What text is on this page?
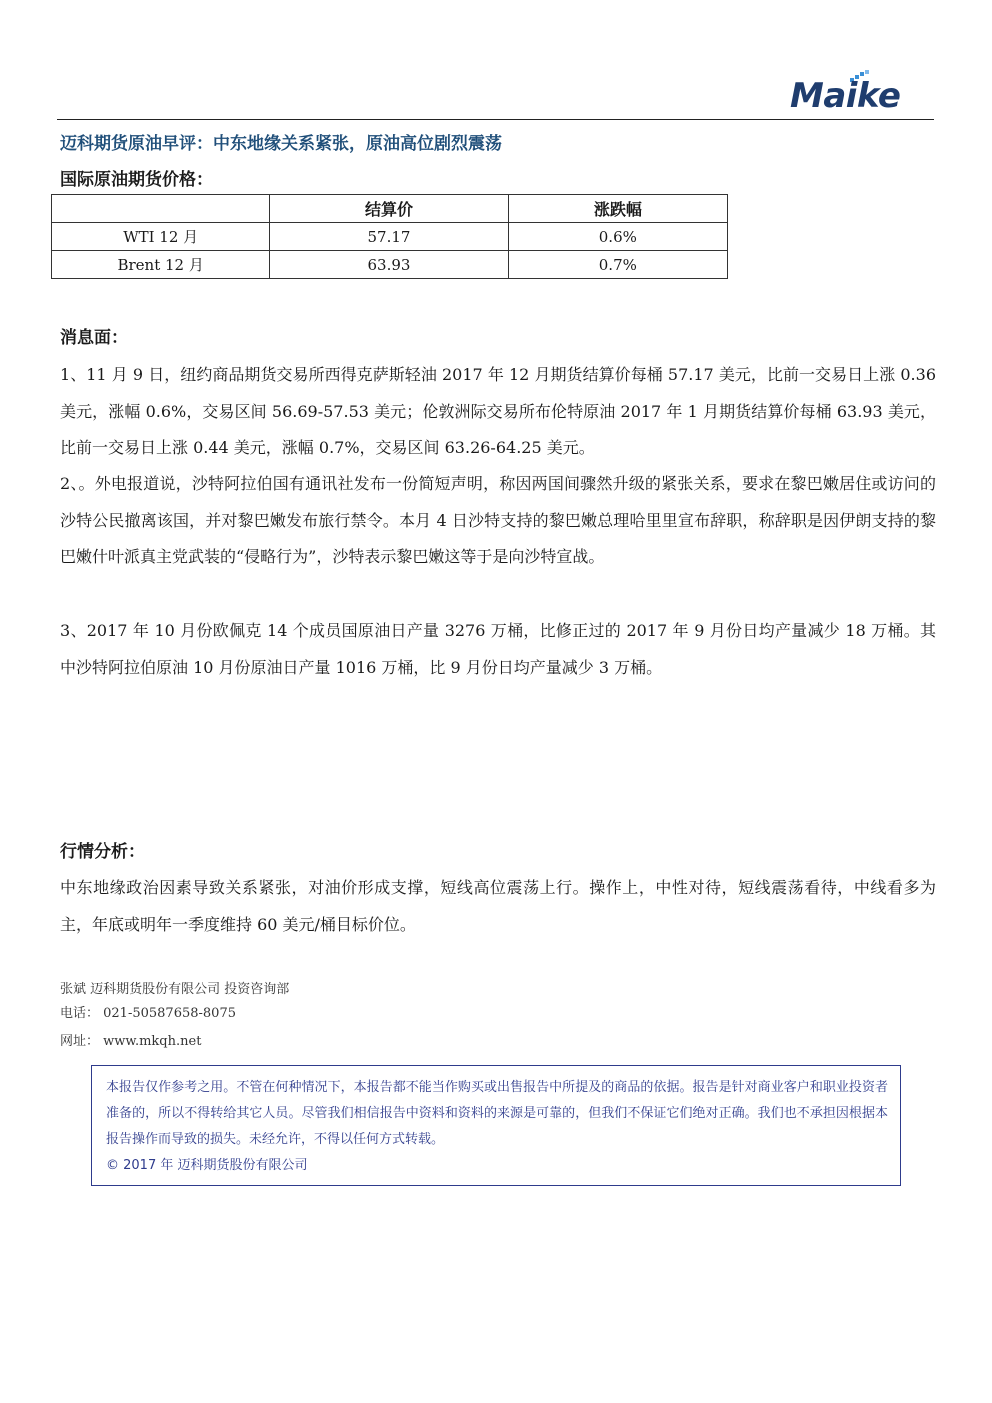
Maike
迈科期货原油早评：中东地缘关系紧张，原油高位剧烈震荡
国际原油期货价格：
	结算价	涨跌幅
WTI 12 月	57.17	0.6%
Brent 12 月	63.93	0.7%
消息面：

1、11 月 9 日，纽约商品期货交易所西得克萨斯轻油 2017 年 12 月期货结算价每桶 57.17 美元，比前一交易日上涨 0.36 美元，涨幅 0.6%，交易区间 56.69-57.53 美元；伦敦洲际交易所布伦特原油 2017 年 1 月期货结算价每桶 63.93 美元，比前一交易日上涨 0.44 美元，涨幅 0.7%，交易区间 63.26-64.25 美元。

2、。外电报道说，沙特阿拉伯国有通讯社发布一份简短声明，称因两国间骤然升级的紧张关系，要求在黎巴嫩居住或访问的沙特公民撤离该国，并对黎巴嫩发布旅行禁令。本月 4 日沙特支持的黎巴嫩总理哈里里宣布辞职，称辞职是因伊朗支持的黎巴嫩什叶派真主党武装的“侵略行为”，沙特表示黎巴嫩这等于是向沙特宣战。

3、2017 年 10 月份欧佩克 14 个成员国原油日产量 3276 万桶，比修正过的 2017 年 9 月份日均产量减少 18 万桶。其中沙特阿拉伯原油 10 月份原油日产量 1016 万桶，比 9 月份日均产量减少 3 万桶。

行情分析：

中东地缘政治因素导致关系紧张，对油价形成支撑，短线高位震荡上行。操作上，中性对待，短线震荡看待，中线看多为主，年底或明年一季度维持 60 美元/桶目标价位。

张斌 迈科期货股份有限公司 投资咨询部
电话： 021-50587658-8075
网址： www.mkqh.net

本报告仅作参考之用。不管在何种情况下，本报告都不能当作购买或出售报告中所提及的商品的依据。报告是针对商业客户和职业投资者准备的，所以不得转给其它人员。尽管我们相信报告中资料和资料的来源是可靠的，但我们不保证它们绝对正确。我们也不承担因根据本报告操作而导致的损失。未经允许，不得以任何方式转载。

© 2017 年 迈科期货股份有限公司
